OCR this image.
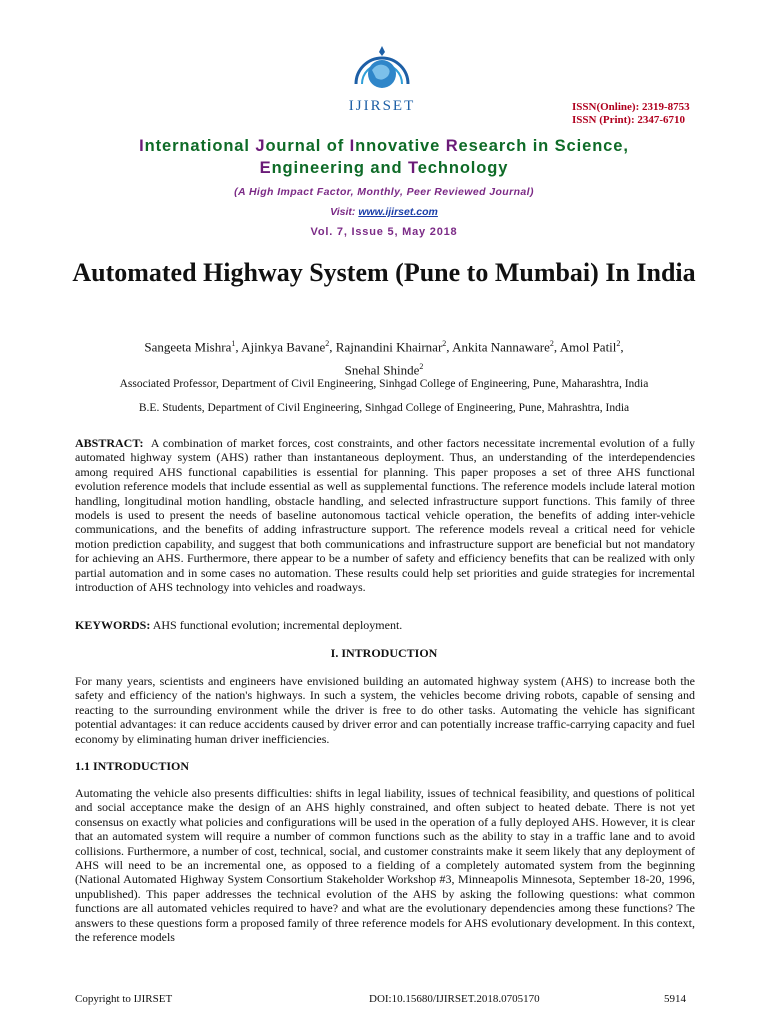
IJIRSET	ISSN(Online): 2319-8753
ISSN (Print): 2347-6710
International Journal of Innovative Research in Science,
Engineering and Technology
(A High Impact Factor, Monthly, Peer Reviewed Journal)
Visit: www.ijirset.com
Vol. 7, Issue 5, May 2018
Automated Highway System (Pune to Mumbai) In India
Sangeeta Mishra$^1$, Ajinkya Bavane$^2$, Rajnandini Khairnar$^2$, Ankita Nannaware$^2$, Amol Patil$^2$,
Snehal Shinde$^2$
Associated Professor, Department of Civil Engineering, Sinhgad College of Engineering, Pune, Maharashtra, India
B.E. Students, Department of Civil Engineering, Sinhgad College of Engineering, Pune, Mahrashtra, India
ABSTRACT: A combination of market forces, cost constraints, and other factors necessitate incremental evolution of a fully automated highway system (AHS) rather than instantaneous deployment. Thus, an understanding of the interdependencies among required AHS functional capabilities is essential for planning. This paper proposes a set of three AHS functional evolution reference models that include essential as well as supplemental functions. The reference models include lateral motion handling, longitudinal motion handling, obstacle handling, and selected infrastructure support functions. This family of three models is used to present the needs of baseline autonomous tactical vehicle operation, the benefits of adding inter-vehicle communications, and the benefits of adding infrastructure support. The reference models reveal a critical need for vehicle motion prediction capability, and suggest that both communications and infrastructure support are beneficial but not mandatory for achieving an AHS. Furthermore, there appear to be a number of safety and efficiency benefits that can be realized with only partial automation and in some cases no automation. These results could help set priorities and guide strategies for incremental introduction of AHS technology into vehicles and roadways.
KEYWORDS: AHS functional evolution; incremental deployment.
I. INTRODUCTION
For many years, scientists and engineers have envisioned building an automated highway system (AHS) to increase both the safety and efficiency of the nation's highways. In such a system, the vehicles become driving robots, capable of sensing and reacting to the surrounding environment while the driver is free to do other tasks. Automating the vehicle has significant potential advantages: it can reduce accidents caused by driver error and can potentially increase traffic-carrying capacity and fuel economy by eliminating human driver inefficiencies.
1.1 INTRODUCTION
Automating the vehicle also presents difficulties: shifts in legal liability, issues of technical feasibility, and questions of political and social acceptance make the design of an AHS highly constrained, and often subject to heated debate. There is not yet consensus on exactly what policies and configurations will be used in the operation of a fully deployed AHS. However, it is clear that an automated system will require a number of common functions such as the ability to stay in a traffic lane and to avoid collisions. Furthermore, a number of cost, technical, social, and customer constraints make it seem likely that any deployment of AHS will need to be an incremental one, as opposed to a fielding of a completely automated system from the beginning (National Automated Highway System Consortium Stakeholder Workshop #3, Minneapolis Minnesota, September 18-20, 1996, unpublished). This paper addresses the technical evolution of the AHS by asking the following questions: what common functions are all automated vehicles required to have? and what are the evolutionary dependencies among these functions? The answers to these questions form a proposed family of three reference models for AHS evolutionary development. In this context, the reference models
Copyright to IJIRSET	DOI:10.15680/IJIRSET.2018.0705170	5914
